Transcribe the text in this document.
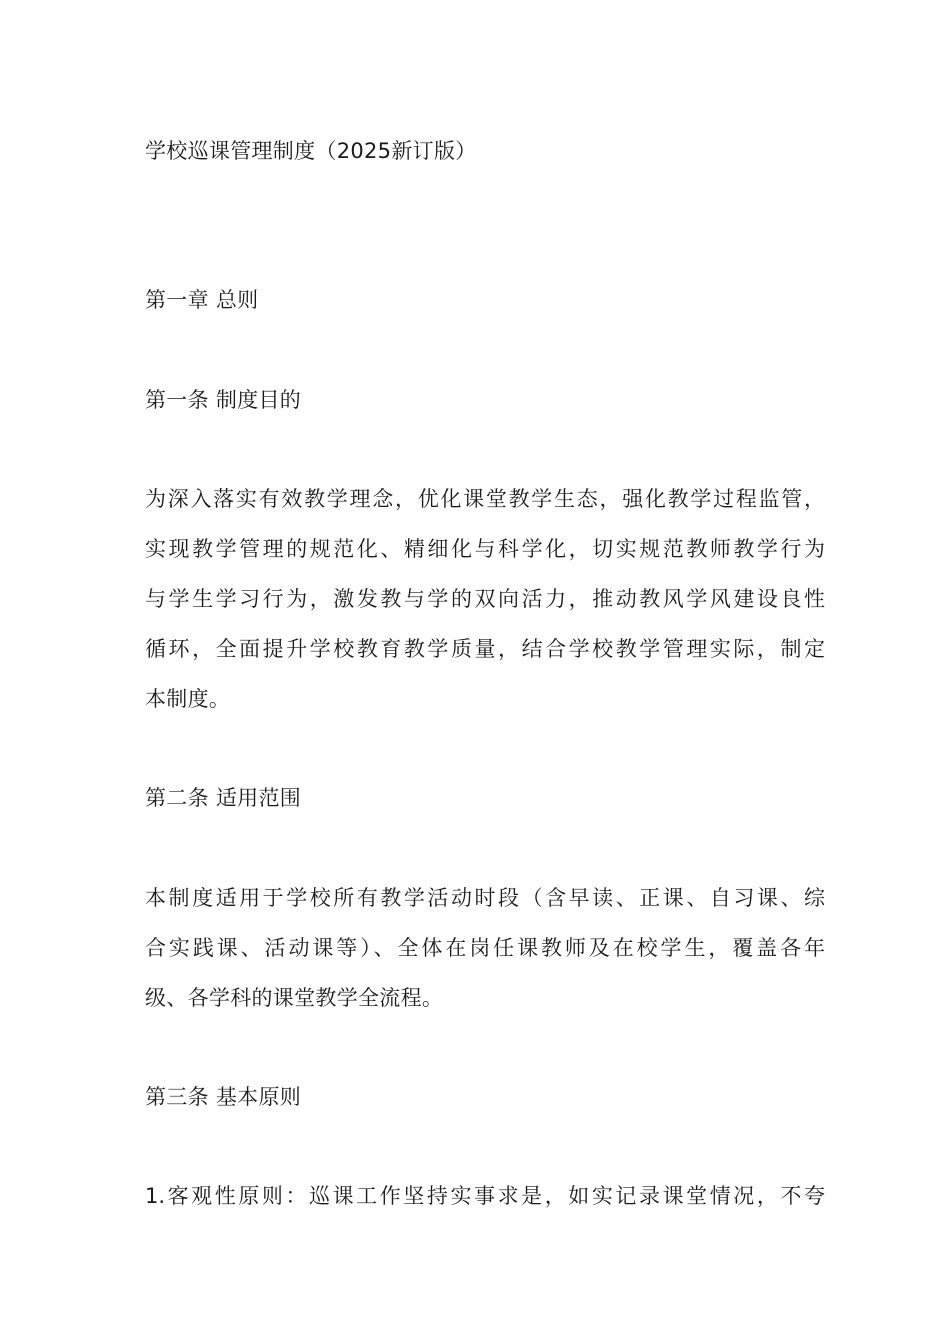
学校巡课管理制度（2025新订版）
第一章 总则
第一条 制度目的
为深入落实有效教学理念，优化课堂教学生态，强化教学过程监管，
实现教学管理的规范化、精细化与科学化，切实规范教师教学行为
与学生学习行为，激发教与学的双向活力，推动教风学风建设良性
循环，全面提升学校教育教学质量，结合学校教学管理实际，制定
本制度。
第二条 适用范围
本制度适用于学校所有教学活动时段（含早读、正课、自习课、综
合实践课、活动课等）、全体在岗任课教师及在校学生，覆盖各年
级、各学科的课堂教学全流程。
第三条 基本原则
1.客观性原则：巡课工作坚持实事求是，如实记录课堂情况，不夸
